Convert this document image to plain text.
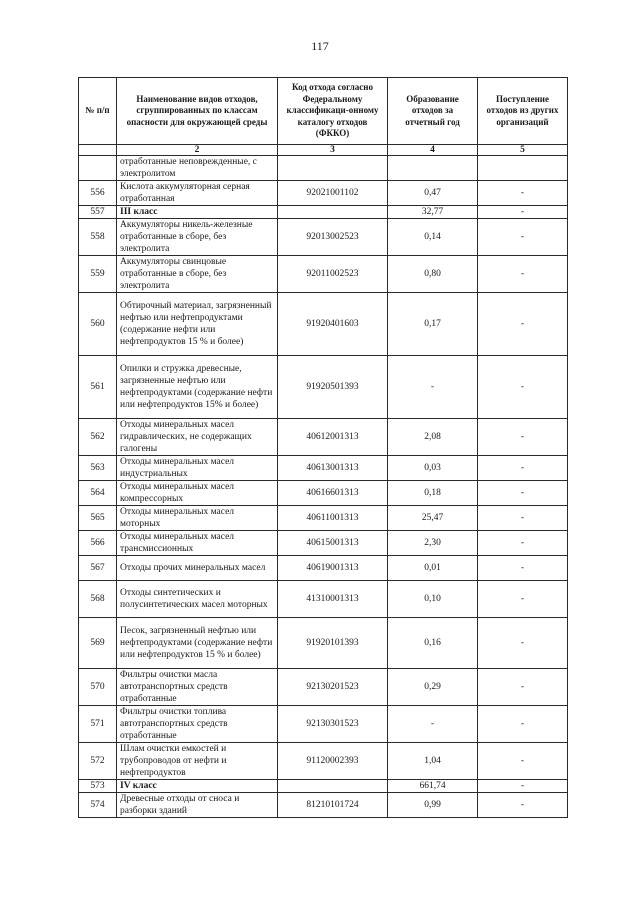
117
№ п/п	Наименование видов отходов, сгруппированных по классам опасности для окружающей среды	Код отхода согласно Федеральному классификаци-онному каталогу отходов (ФККО)	Образование отходов за отчетный год	Поступление отходов из других организаций
	2	3	4	5
	отработанные неповрежденные, с электролитом			
556	Кислота аккумуляторная серная отработанная	92021001102	0,47	-
557	III класс		32,77	-
558	Аккумуляторы никель-железные отработанные в сборе, без электролита	92013002523	0,14	-
559	Аккумуляторы свинцовые отработанные в сборе, без электролита	92011002523	0,80	-
560	Обтирочный материал, загрязненный нефтью или нефтепродуктами (содержание нефти или нефтепродуктов 15 % и более)	91920401603	0,17	-
561	Опилки и стружка древесные, загрязненные нефтью или нефтепродуктами (содержание нефти или нефтепродуктов 15% и более)	91920501393	-	-
562	Отходы минеральных масел гидравлических, не содержащих галогены	40612001313	2,08	-
563	Отходы минеральных масел индустриальных	40613001313	0,03	-
564	Отходы минеральных масел компрессорных	40616601313	0,18	-
565	Отходы минеральных масел моторных	40611001313	25,47	-
566	Отходы минеральных масел трансмиссионных	40615001313	2,30	-
567	Отходы прочих минеральных масел	40619001313	0,01	-
568	Отходы синтетических и полусинтетических масел моторных	41310001313	0,10	-
569	Песок, загрязненный нефтью или нефтепродуктами (содержание нефти или нефтепродуктов 15 % и более)	91920101393	0,16	-
570	Фильтры очистки масла автотранспортных средств отработанные	92130201523	0,29	-
571	Фильтры очистки топлива автотранспортных средств отработанные	92130301523	-	-
572	Шлам очистки емкостей и трубопроводов от нефти и нефтепродуктов	91120002393	1,04	-
573	IV класс		661,74	-
574	Древесные отходы от сноса и разборки зданий	81210101724	0,99	-
